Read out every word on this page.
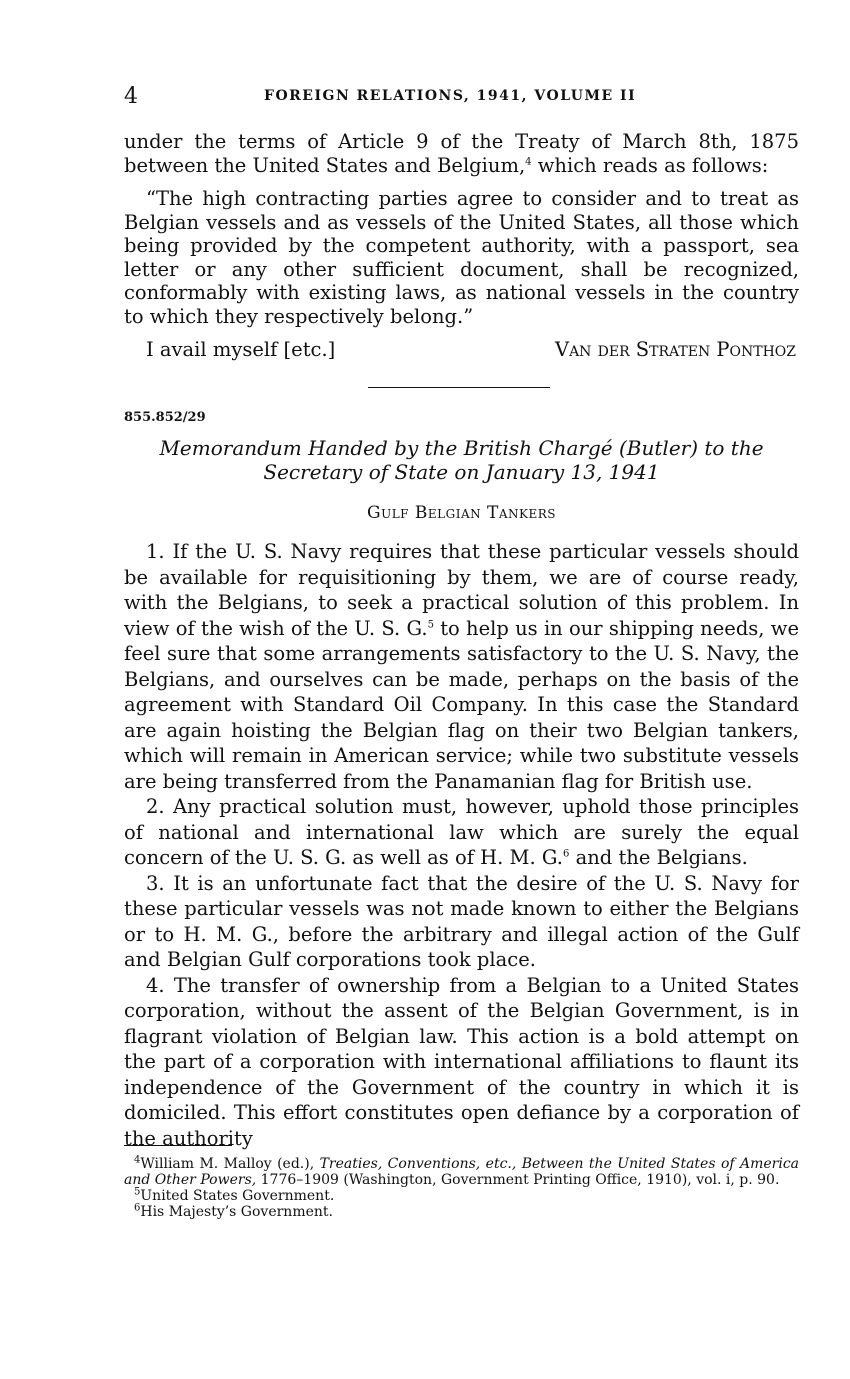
4	FOREIGN RELATIONS, 1941, VOLUME II

under the terms of Article 9 of the Treaty of March 8th, 1875 between the United States and Belgium,$^4$ which reads as follows:

“The high contracting parties agree to consider and to treat as Belgian vessels and as vessels of the United States, all those which being provided by the competent authority, with a passport, sea letter or any other sufficient document, shall be recognized, conformably with existing laws, as national vessels in the country to which they respectively belong.”

I avail myself [etc.]	Van der Straten Ponthoz
855.852/29
Memorandum Handed by the British Chargé (Butler) to the
Secretary of State on January 13, 1941
Gulf Belgian Tankers

1. If the U. S. Navy requires that these particular vessels should be available for requisitioning by them, we are of course ready, with the Belgians, to seek a practical solution of this problem. In view of the wish of the U. S. G.$^5$ to help us in our shipping needs, we feel sure that some arrangements satisfactory to the U. S. Navy, the Belgians, and ourselves can be made, perhaps on the basis of the agreement with Standard Oil Company. In this case the Standard are again hoisting the Belgian flag on their two Belgian tankers, which will remain in American service; while two substitute vessels are being transferred from the Panamanian flag for British use.

2. Any practical solution must, however, uphold those principles of national and international law which are surely the equal concern of the U. S. G. as well as of H. M. G.$^6$ and the Belgians.

3. It is an unfortunate fact that the desire of the U. S. Navy for these particular vessels was not made known to either the Belgians or to H. M. G., before the arbitrary and illegal action of the Gulf and Belgian Gulf corporations took place.

4. The transfer of ownership from a Belgian to a United States corporation, without the assent of the Belgian Government, is in flagrant violation of Belgian law. This action is a bold attempt on the part of a corporation with international affiliations to flaunt its independence of the Government of the country in which it is domiciled. This effort constitutes open defiance by a corporation of the authority

$^4$William M. Malloy (ed.), Treaties, Conventions, etc., Between the United States of America and Other Powers, 1776–1909 (Washington, Government Printing Office, 1910), vol. i, p. 90.
$^5$United States Government.
$^6$His Majesty’s Government.
